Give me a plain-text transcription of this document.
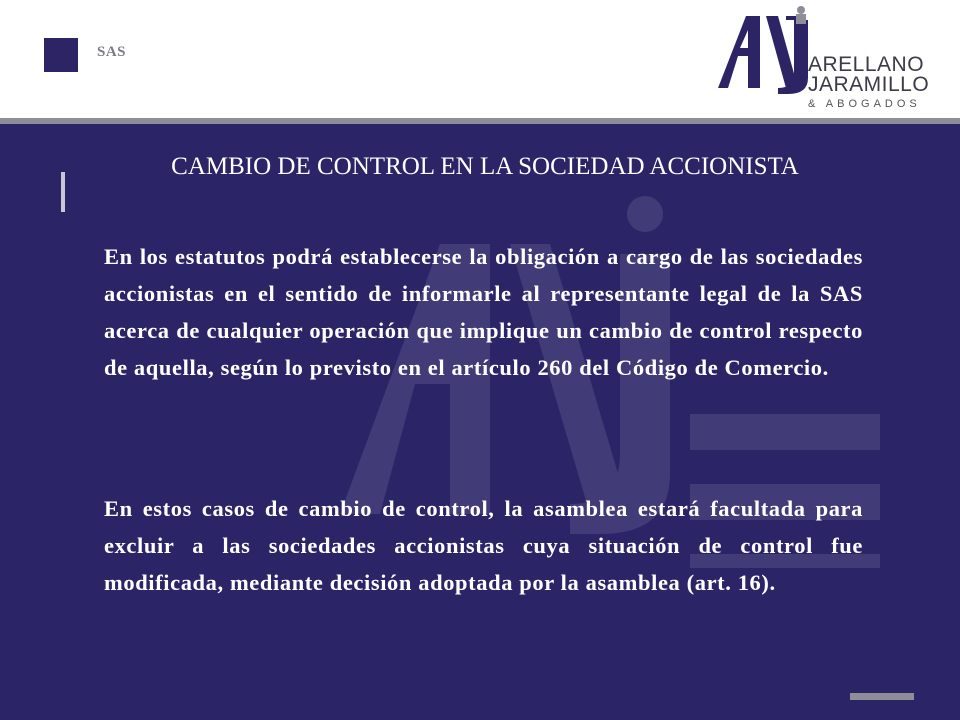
SAS
ARELLANO
JARAMILLO
& ABOGADOS
CAMBIO DE CONTROL EN LA SOCIEDAD ACCIONISTA

En los estatutos podrá establecerse la obligación a cargo de las sociedades accionistas en el sentido de informarle al representante legal de la SAS acerca de cualquier operación que implique un cambio de control respecto de aquella, según lo previsto en el artículo 260 del Código de Comercio.

En estos casos de cambio de control, la asamblea estará facultada para excluir a las sociedades accionistas cuya situación de control fue modificada, mediante decisión adoptada por la asamblea (art. 16).
